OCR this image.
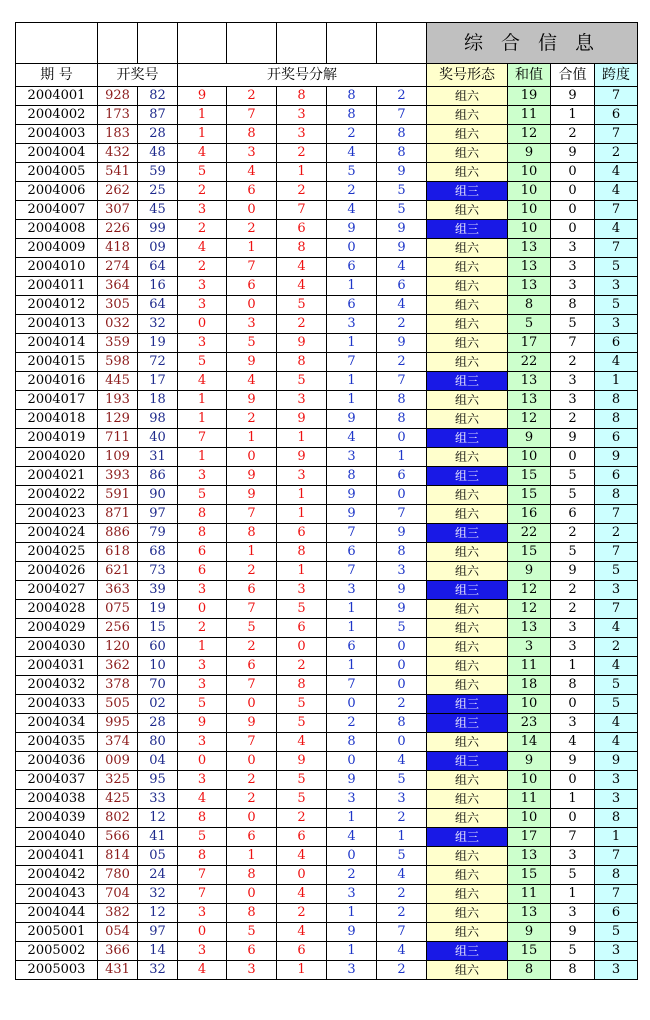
								综 合 信 息			
期 号	开奖号		开奖号分解					奖号形态	和值	合值	跨度
2004001	928	82	9	2	8	8	2	组六	19	9	7
2004002	173	87	1	7	3	8	7	组六	11	1	6
2004003	183	28	1	8	3	2	8	组六	12	2	7
2004004	432	48	4	3	2	4	8	组六	9	9	2
2004005	541	59	5	4	1	5	9	组六	10	0	4
2004006	262	25	2	6	2	2	5	组三	10	0	4
2004007	307	45	3	0	7	4	5	组六	10	0	7
2004008	226	99	2	2	6	9	9	组三	10	0	4
2004009	418	09	4	1	8	0	9	组六	13	3	7
2004010	274	64	2	7	4	6	4	组六	13	3	5
2004011	364	16	3	6	4	1	6	组六	13	3	3
2004012	305	64	3	0	5	6	4	组六	8	8	5
2004013	032	32	0	3	2	3	2	组六	5	5	3
2004014	359	19	3	5	9	1	9	组六	17	7	6
2004015	598	72	5	9	8	7	2	组六	22	2	4
2004016	445	17	4	4	5	1	7	组三	13	3	1
2004017	193	18	1	9	3	1	8	组六	13	3	8
2004018	129	98	1	2	9	9	8	组六	12	2	8
2004019	711	40	7	1	1	4	0	组三	9	9	6
2004020	109	31	1	0	9	3	1	组六	10	0	9
2004021	393	86	3	9	3	8	6	组三	15	5	6
2004022	591	90	5	9	1	9	0	组六	15	5	8
2004023	871	97	8	7	1	9	7	组六	16	6	7
2004024	886	79	8	8	6	7	9	组三	22	2	2
2004025	618	68	6	1	8	6	8	组六	15	5	7
2004026	621	73	6	2	1	7	3	组六	9	9	5
2004027	363	39	3	6	3	3	9	组三	12	2	3
2004028	075	19	0	7	5	1	9	组六	12	2	7
2004029	256	15	2	5	6	1	5	组六	13	3	4
2004030	120	60	1	2	0	6	0	组六	3	3	2
2004031	362	10	3	6	2	1	0	组六	11	1	4
2004032	378	70	3	7	8	7	0	组六	18	8	5
2004033	505	02	5	0	5	0	2	组三	10	0	5
2004034	995	28	9	9	5	2	8	组三	23	3	4
2004035	374	80	3	7	4	8	0	组六	14	4	4
2004036	009	04	0	0	9	0	4	组三	9	9	9
2004037	325	95	3	2	5	9	5	组六	10	0	3
2004038	425	33	4	2	5	3	3	组六	11	1	3
2004039	802	12	8	0	2	1	2	组六	10	0	8
2004040	566	41	5	6	6	4	1	组三	17	7	1
2004041	814	05	8	1	4	0	5	组六	13	3	7
2004042	780	24	7	8	0	2	4	组六	15	5	8
2004043	704	32	7	0	4	3	2	组六	11	1	7
2004044	382	12	3	8	2	1	2	组六	13	3	6
2005001	054	97	0	5	4	9	7	组六	9	9	5
2005002	366	14	3	6	6	1	4	组三	15	5	3
2005003	431	32	4	3	1	3	2	组六	8	8	3
